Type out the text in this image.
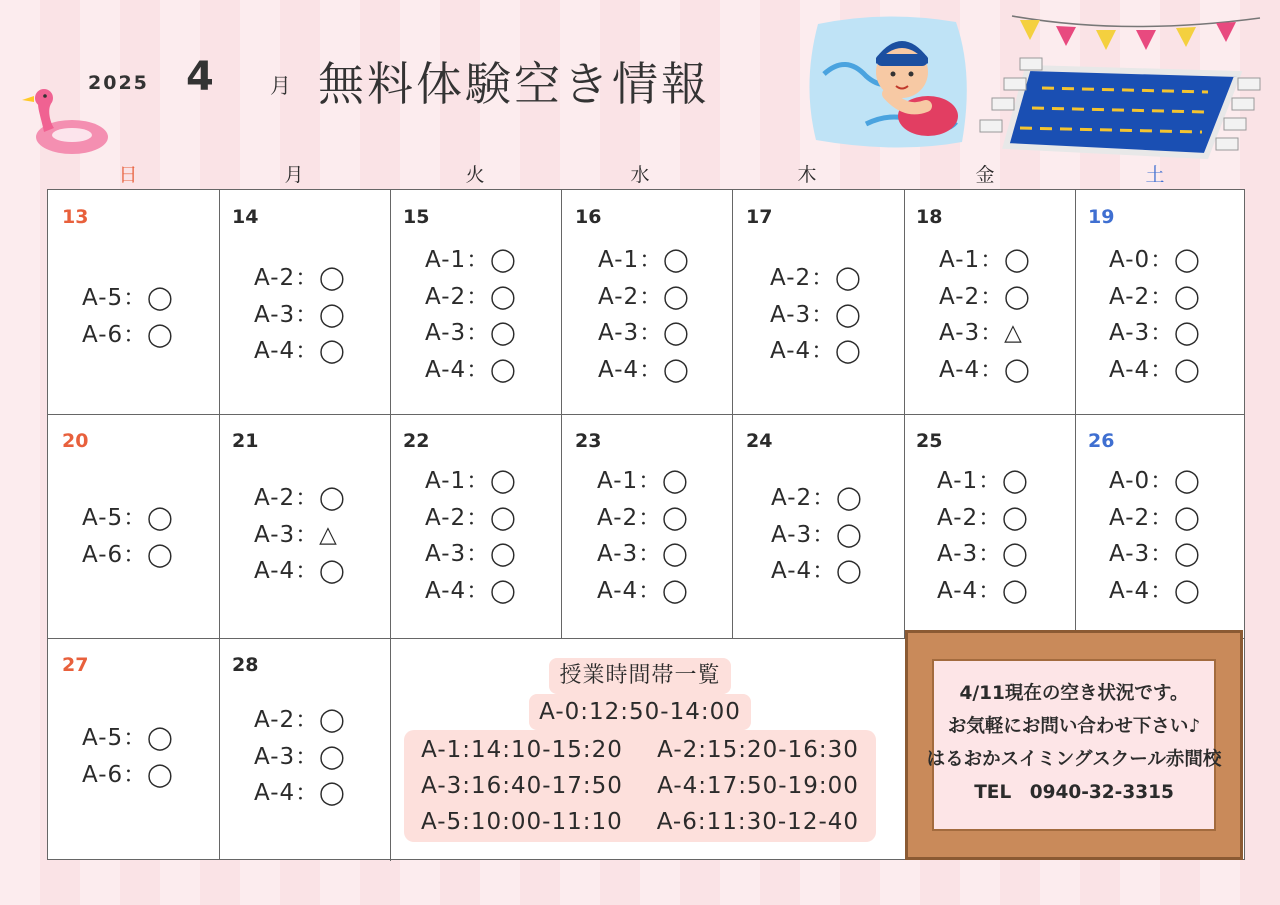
2025 4	月 無料体験空き情報
日	月	火	水	木	金	土
13
A-5：◯
A-6：◯
14
A-2：◯
A-3：◯
A-4：◯
15
A-1：◯
A-2：◯
A-3：◯
A-4：◯
16
A-1：◯
A-2：◯
A-3：◯
A-4：◯
17
A-2：◯
A-3：◯
A-4：◯
18
A-1：◯
A-2：◯
A-3：△
A-4：◯
19
A-0：◯
A-2：◯
A-3：◯
A-4：◯
20
A-5：◯
A-6：◯
21
A-2：◯
A-3：△
A-4：◯
22
A-1：◯
A-2：◯
A-3：◯
A-4：◯
23
A-1：◯
A-2：◯
A-3：◯
A-4：◯
24
A-2：◯
A-3：◯
A-4：◯
25
A-1：◯
A-2：◯
A-3：◯
A-4：◯
26
A-0：◯
A-2：◯
A-3：◯
A-4：◯
27
A-5：◯
A-6：◯
28
A-2：◯
A-3：◯
A-4：◯
授業時間帯一覧
A-0:12:50-14:00
A-1:14:10-15:20 A-2:15:20-16:30
A-3:16:40-17:50 A-4:17:50-19:00
A-5:10:00-11:10 A-6:11:30-12-40
4/11現在の空き状況です。
お気軽にお問い合わせ下さい♪
はるおかスイミングスクール赤間校
TEL　0940-32-3315
